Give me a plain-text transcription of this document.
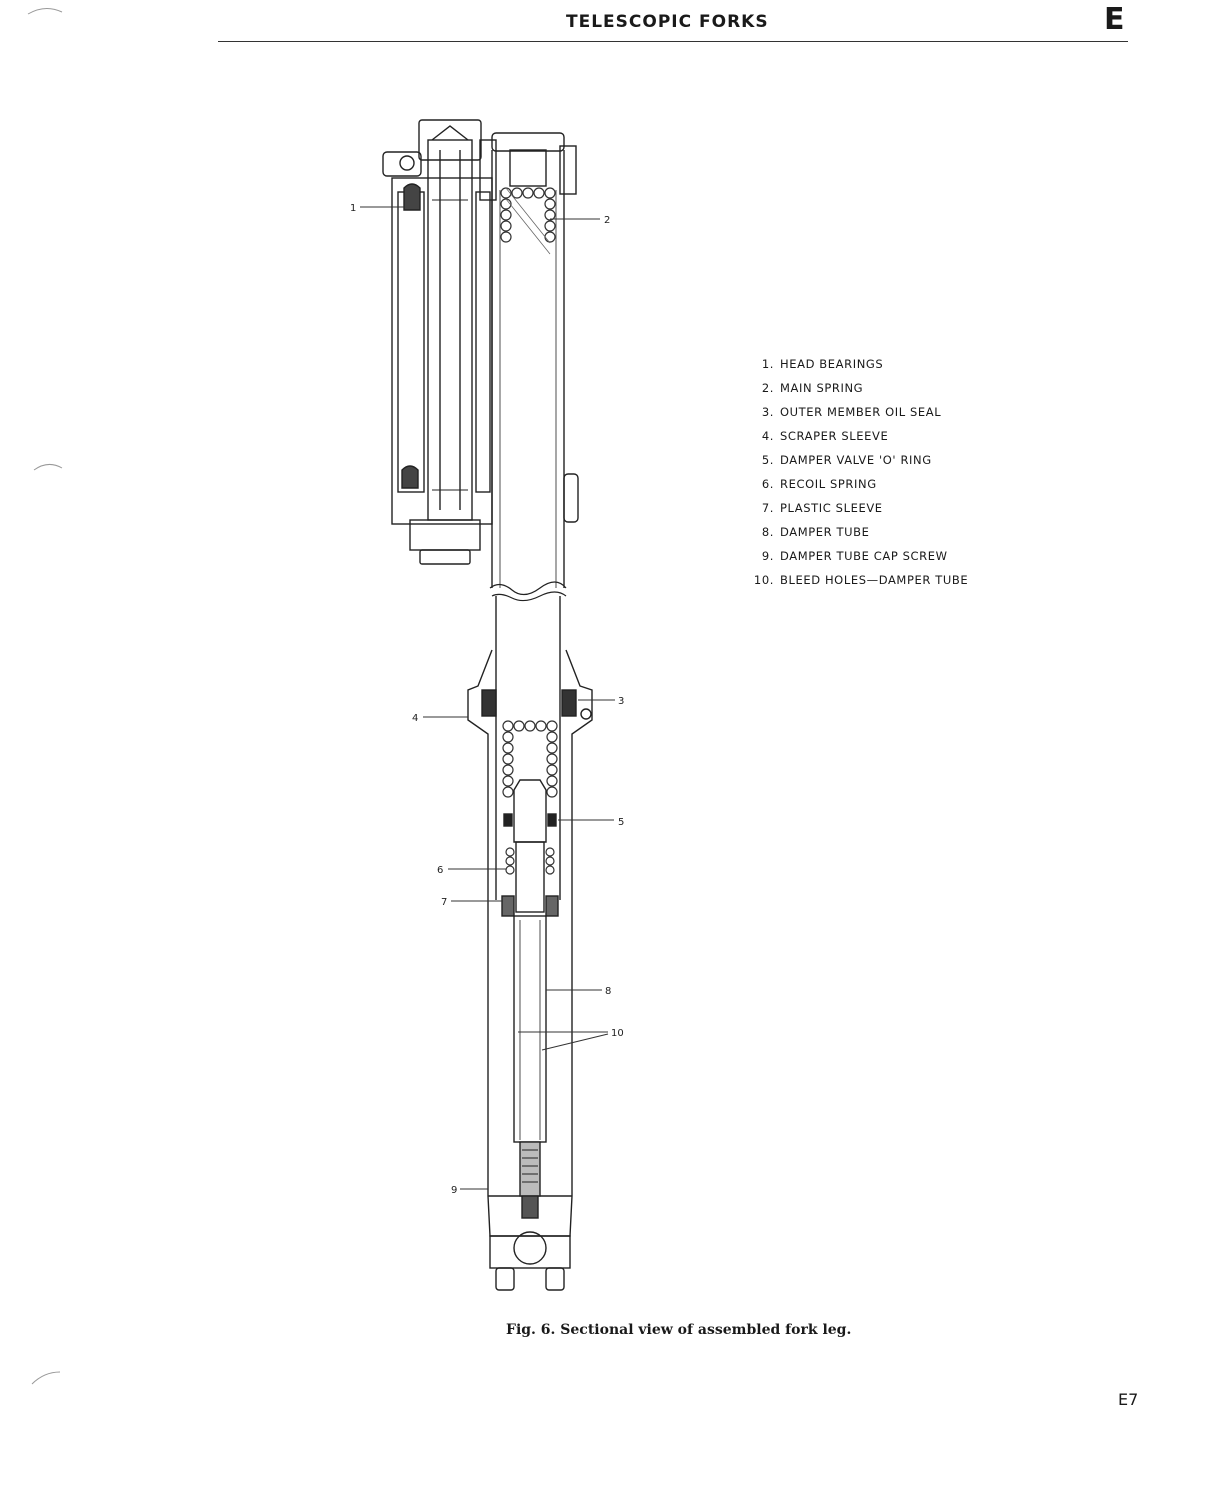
TELESCOPIC FORKS	E
1
2
3
4
5
6
7
8
10
9
1. HEAD BEARINGS
2. MAIN SPRING
3. OUTER MEMBER OIL SEAL
4. SCRAPER SLEEVE
5. DAMPER VALVE 'O' RING
6. RECOIL SPRING
7. PLASTIC SLEEVE
8. DAMPER TUBE
9. DAMPER TUBE CAP SCREW
10. BLEED HOLES—DAMPER TUBE
Fig. 6. Sectional view of assembled fork leg.
E7
